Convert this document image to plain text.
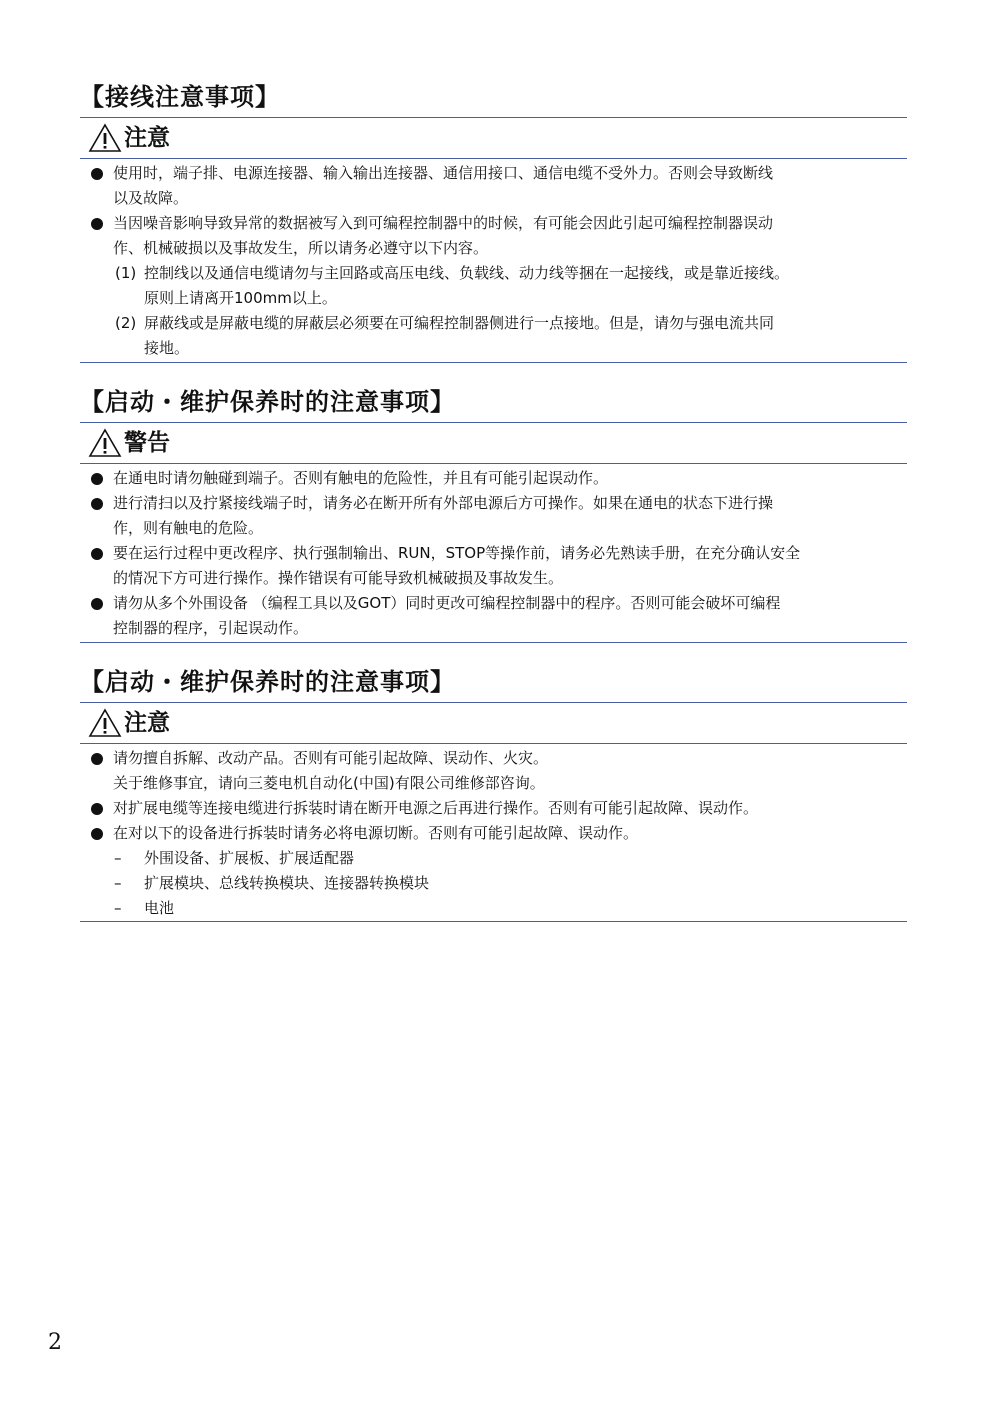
【接线注意事项】
注意
使用时，端子排、电源连接器、输入输出连接器、通信用接口、通信电缆不受外力。否则会导致断线
以及故障。
当因噪音影响导致异常的数据被写入到可编程控制器中的时候，有可能会因此引起可编程控制器误动
作、机械破损以及事故发生，所以请务必遵守以下内容。
(1) 控制线以及通信电缆请勿与主回路或高压电线、负载线、动力线等捆在一起接线，或是靠近接线。
原则上请离开100mm以上。
(2) 屏蔽线或是屏蔽电缆的屏蔽层必须要在可编程控制器侧进行一点接地。但是，请勿与强电流共同
接地。
【启动・维护保养时的注意事项】
警告
在通电时请勿触碰到端子。否则有触电的危险性，并且有可能引起误动作。
进行清扫以及拧紧接线端子时，请务必在断开所有外部电源后方可操作。如果在通电的状态下进行操
作，则有触电的危险。
要在运行过程中更改程序、执行强制输出、RUN，STOP等操作前，请务必先熟读手册，在充分确认安全
的情况下方可进行操作。操作错误有可能导致机械破损及事故发生。
请勿从多个外围设备 （编程工具以及GOT）同时更改可编程控制器中的程序。否则可能会破坏可编程
控制器的程序，引起误动作。
【启动・维护保养时的注意事项】
注意
请勿擅自拆解、改动产品。否则有可能引起故障、误动作、火灾。
关于维修事宜，请向三菱电机自动化(中国)有限公司维修部咨询。
对扩展电缆等连接电缆进行拆装时请在断开电源之后再进行操作。否则有可能引起故障、误动作。
在对以下的设备进行拆装时请务必将电源切断。否则有可能引起故障、误动作。
– 外围设备、扩展板、扩展适配器
– 扩展模块、总线转换模块、连接器转换模块
– 电池
2
